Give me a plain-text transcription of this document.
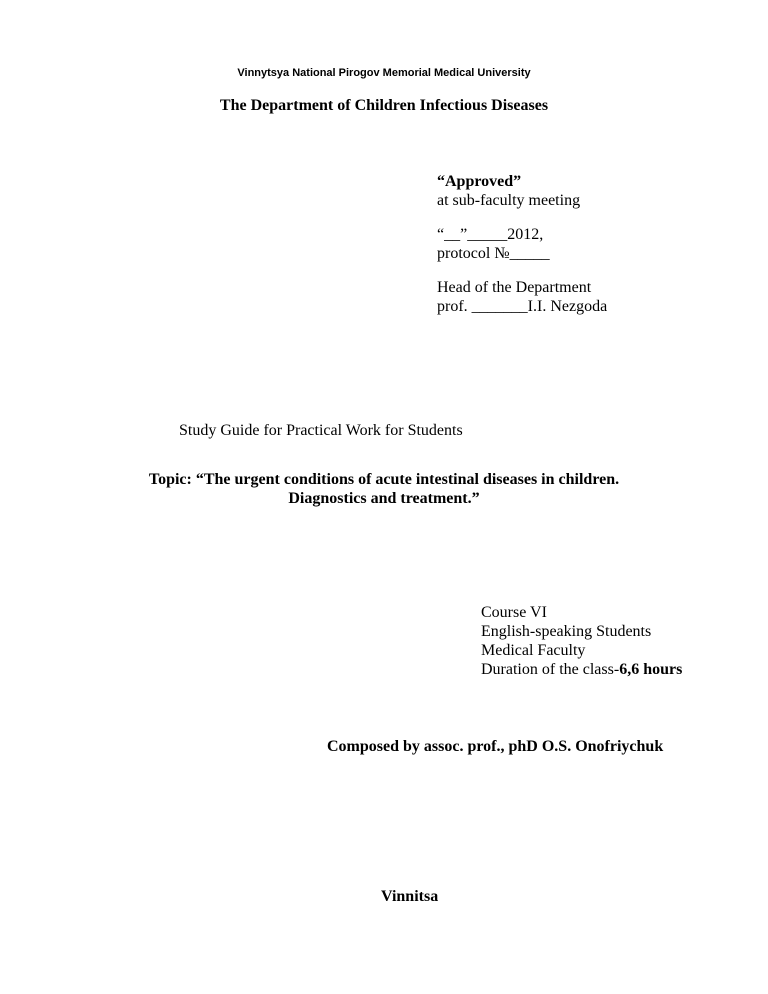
Vinnytsya National Pirogov Memorial Medical University
The Department of Children Infectious Diseases
“Approved”
at sub-faculty meeting
“__”_____2012,
protocol №_____
Head of the Department
prof. _______I.I. Nezgoda
Study Guide for Practical Work for Students
Topic: “The urgent conditions of acute intestinal diseases in children.
Diagnostics and treatment.”
Course VI
English-speaking Students
Medical Faculty
Duration of the class-6,6 hours
Composed by assoc. prof., phD O.S. Onofriychuk
Vinnitsa
